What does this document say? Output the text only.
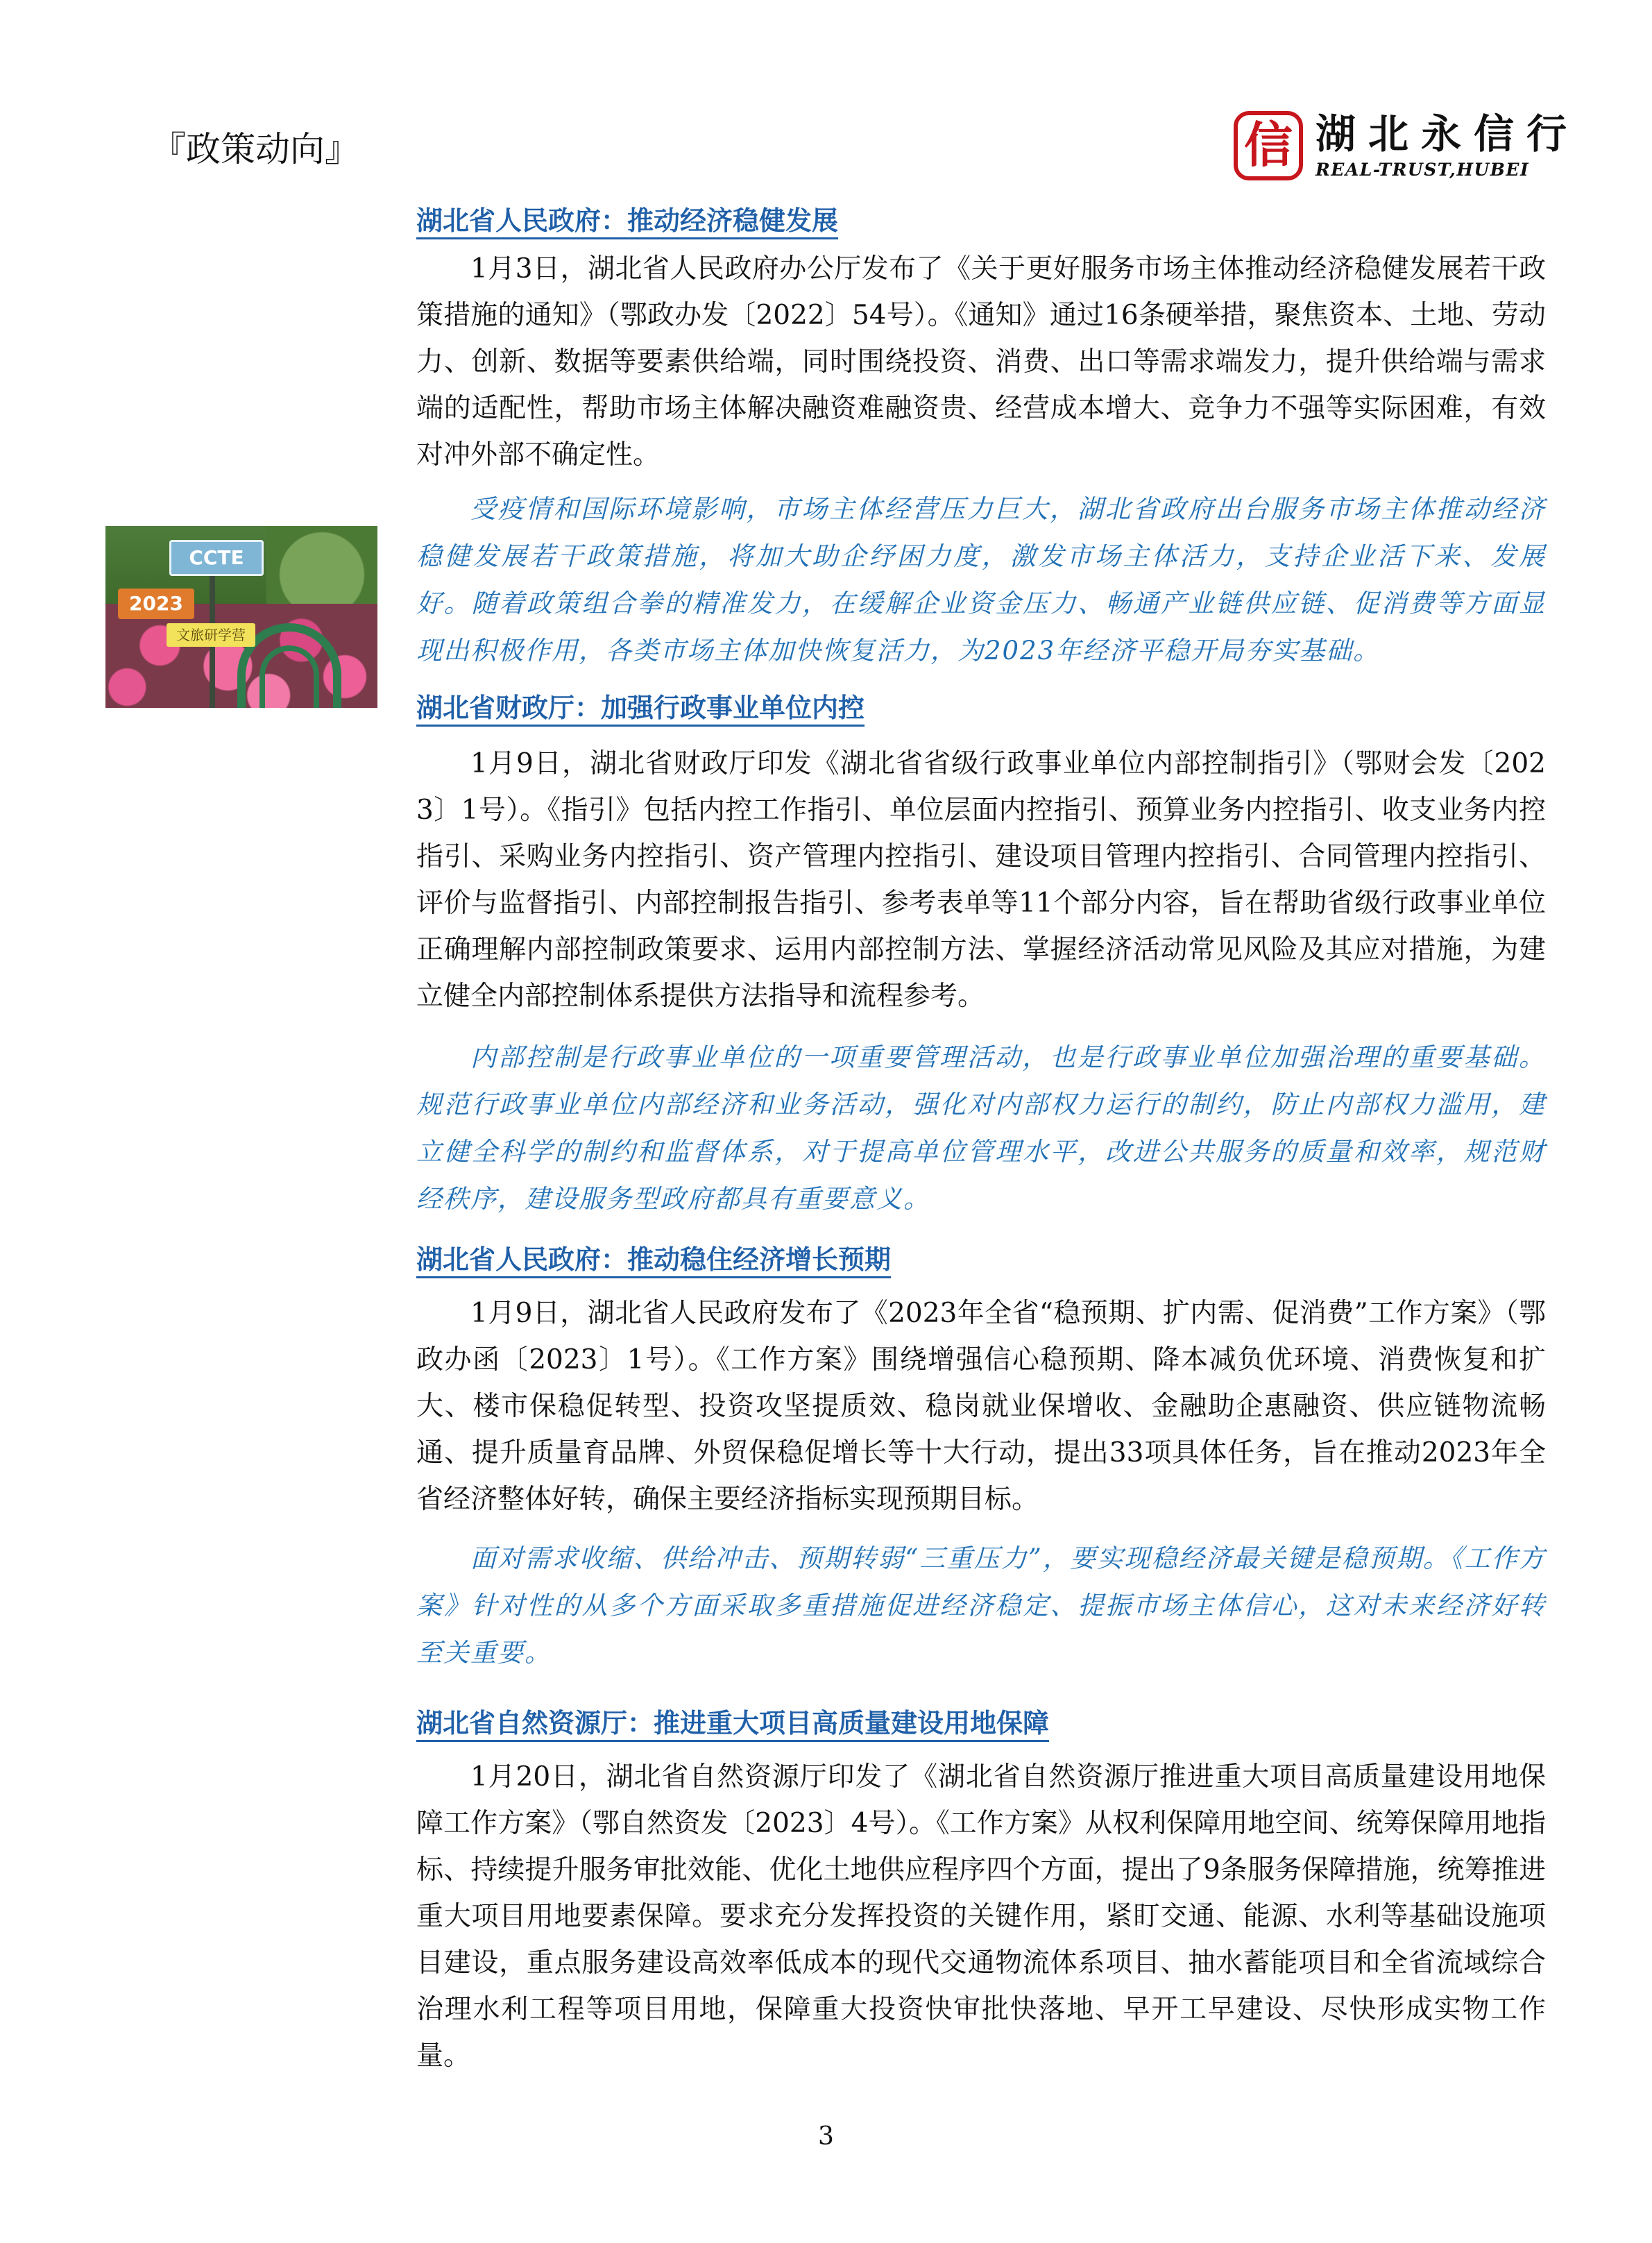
『政策动向』	信 湖北永信行
REAL-TRUST,HUBEI
CCTE
2023
文旅研学营
湖北省人民政府：推动经济稳健发展

1月3日，湖北省人民政府办公厅发布了《关于更好服务市场主体推动经济稳健发展若干政策措施的通知》（鄂政办发〔2022〕54号）。《通知》通过16条硬举措，聚焦资本、土地、劳动力、创新、数据等要素供给端，同时围绕投资、消费、出口等需求端发力，提升供给端与需求端的适配性，帮助市场主体解决融资难融资贵、经营成本增大、竞争力不强等实际困难，有效对冲外部不确定性。

受疫情和国际环境影响，市场主体经营压力巨大，湖北省政府出台服务市场主体推动经济稳健发展若干政策措施，将加大助企纾困力度，激发市场主体活力，支持企业活下来、发展好。随着政策组合拳的精准发力，在缓解企业资金压力、畅通产业链供应链、促消费等方面显现出积极作用，各类市场主体加快恢复活力，为2023年经济平稳开局夯实基础。

湖北省财政厅：加强行政事业单位内控

1月9日，湖北省财政厅印发《湖北省省级行政事业单位内部控制指引》（鄂财会发〔2023〕1号）。《指引》包括内控工作指引、单位层面内控指引、预算业务内控指引、收支业务内控指引、采购业务内控指引、资产管理内控指引、建设项目管理内控指引、合同管理内控指引、评价与监督指引、内部控制报告指引、参考表单等11个部分内容，旨在帮助省级行政事业单位正确理解内部控制政策要求、运用内部控制方法、掌握经济活动常见风险及其应对措施，为建立健全内部控制体系提供方法指导和流程参考。

内部控制是行政事业单位的一项重要管理活动，也是行政事业单位加强治理的重要基础。规范行政事业单位内部经济和业务活动，强化对内部权力运行的制约，防止内部权力滥用，建立健全科学的制约和监督体系，对于提高单位管理水平，改进公共服务的质量和效率，规范财经秩序，建设服务型政府都具有重要意义。

湖北省人民政府：推动稳住经济增长预期

1月9日，湖北省人民政府发布了《2023年全省“稳预期、扩内需、促消费”工作方案》（鄂政办函〔2023〕1号）。《工作方案》围绕增强信心稳预期、降本减负优环境、消费恢复和扩大、楼市保稳促转型、投资攻坚提质效、稳岗就业保增收、金融助企惠融资、供应链物流畅通、提升质量育品牌、外贸保稳促增长等十大行动，提出33项具体任务，旨在推动2023年全省经济整体好转，确保主要经济指标实现预期目标。

面对需求收缩、供给冲击、预期转弱“三重压力”，要实现稳经济最关键是稳预期。《工作方案》针对性的从多个方面采取多重措施促进经济稳定、提振市场主体信心，这对未来经济好转至关重要。

湖北省自然资源厅：推进重大项目高质量建设用地保障

1月20日，湖北省自然资源厅印发了《湖北省自然资源厅推进重大项目高质量建设用地保障工作方案》（鄂自然资发〔2023〕4号）。《工作方案》从权利保障用地空间、统筹保障用地指标、持续提升服务审批效能、优化土地供应程序四个方面，提出了9条服务保障措施，统筹推进重大项目用地要素保障。要求充分发挥投资的关键作用，紧盯交通、能源、水利等基础设施项目建设，重点服务建设高效率低成本的现代交通物流体系项目、抽水蓄能项目和全省流域综合治理水利工程等项目用地，保障重大投资快审批快落地、早开工早建设、尽快形成实物工作量。

3
